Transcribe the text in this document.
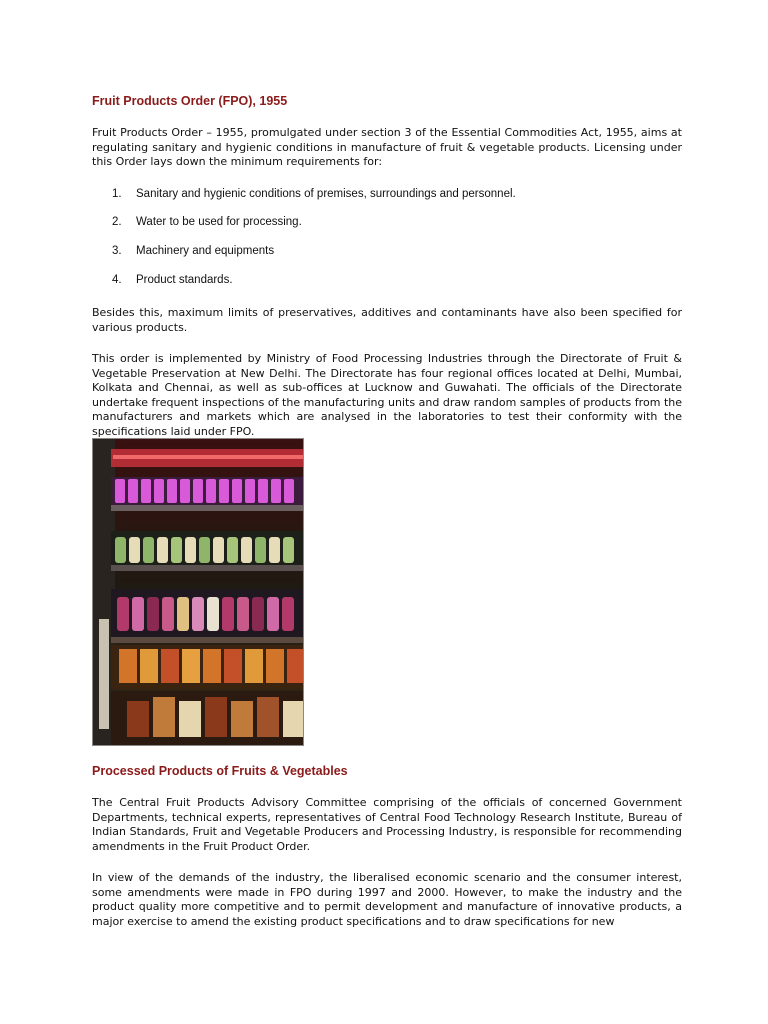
Fruit Products Order (FPO), 1955
Fruit Products Order – 1955, promulgated under section 3 of the Essential Commodities Act, 1955, aims at regulating sanitary and hygienic conditions in manufacture of fruit & vegetable products. Licensing under this Order lays down the minimum requirements for:
1. Sanitary and hygienic conditions of premises, surroundings and personnel.
2. Water to be used for processing.
3. Machinery and equipments
4. Product standards.
Besides this, maximum limits of preservatives, additives and contaminants have also been specified for various products.
This order is implemented by Ministry of Food Processing Industries through the Directorate of Fruit & Vegetable Preservation at New Delhi. The Directorate has four regional offices located at Delhi, Mumbai, Kolkata and Chennai, as well as sub-offices at Lucknow and Guwahati. The officials of the Directorate undertake frequent inspections of the manufacturing units and draw random samples of products from the manufacturers and markets which are analysed in the laboratories to test their conformity with the specifications laid under FPO.
Processed Products of Fruits & Vegetables
The Central Fruit Products Advisory Committee comprising of the officials of concerned Government Departments, technical experts, representatives of Central Food Technology Research Institute, Bureau of Indian Standards, Fruit and Vegetable Producers and Processing Industry, is responsible for recommending amendments in the Fruit Product Order.
In view of the demands of the industry, the liberalised economic scenario and the consumer interest, some amendments were made in FPO during 1997 and 2000. However, to make the industry and the product quality more competitive and to permit development and manufacture of innovative products, a major exercise to amend the existing product specifications and to draw specifications for new
